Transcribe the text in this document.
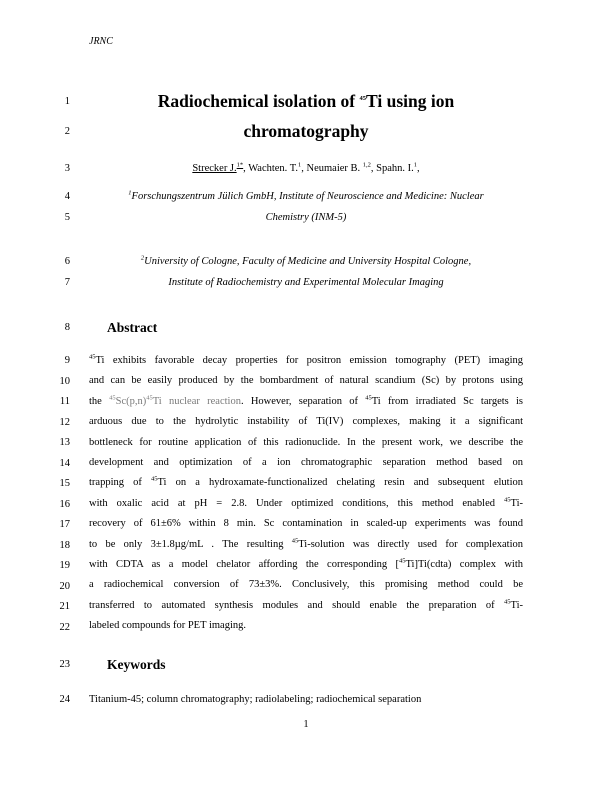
JRNC
1
2
3
4
5
6
7
8
9
10
11
12
13
14
15
16
17
18
19
20
21
22
23
24
Radiochemical isolation of $^{45}$Ti using ion
chromatography
Strecker J.$^{1*}$, Wachten. T.$^1$, Neumaier B. $^{1,2}$, Spahn. I.$^1$,
$^1$Forschungszentrum Jülich GmbH, Institute of Neuroscience and Medicine: Nuclear
Chemistry (INM-5)
$^2$University of Cologne, Faculty of Medicine and University Hospital Cologne,
Institute of Radiochemistry and Experimental Molecular Imaging
Abstract
$^{45}$Ti exhibits favorable decay properties for positron emission tomography (PET) imaging
and can be easily produced by the bombardment of natural scandium (Sc) by protons using
the $^{45}Sc(p,n)^{45}Ti$ nuclear reaction. However, separation of $^{45}$Ti from irradiated Sc targets is
arduous due to the hydrolytic instability of Ti(IV) complexes, making it a significant
bottleneck for routine application of this radionuclide. In the present work, we describe the
development and optimization of a ion chromatographic separation method based on
trapping of $^{45}$Ti on a hydroxamate-functionalized chelating resin and subsequent elution
with oxalic acid at pH = 2.8. Under optimized conditions, this method enabled $^{45}$Ti-
recovery of 61±6% within 8 min. Sc contamination in scaled-up experiments was found
to be only 3±1.8µg/mL . The resulting $^{45}$Ti-solution was directly used for complexation
with CDTA as a model chelator affording the corresponding [$^{45}$Ti]Ti(cdta) complex with
a radiochemical conversion of 73±3%. Conclusively, this promising method could be
transferred to automated synthesis modules and should enable the preparation of $^{45}$Ti-
labeled compounds for PET imaging.
Keywords
Titanium-45; column chromatography; radiolabeling; radiochemical separation
1
